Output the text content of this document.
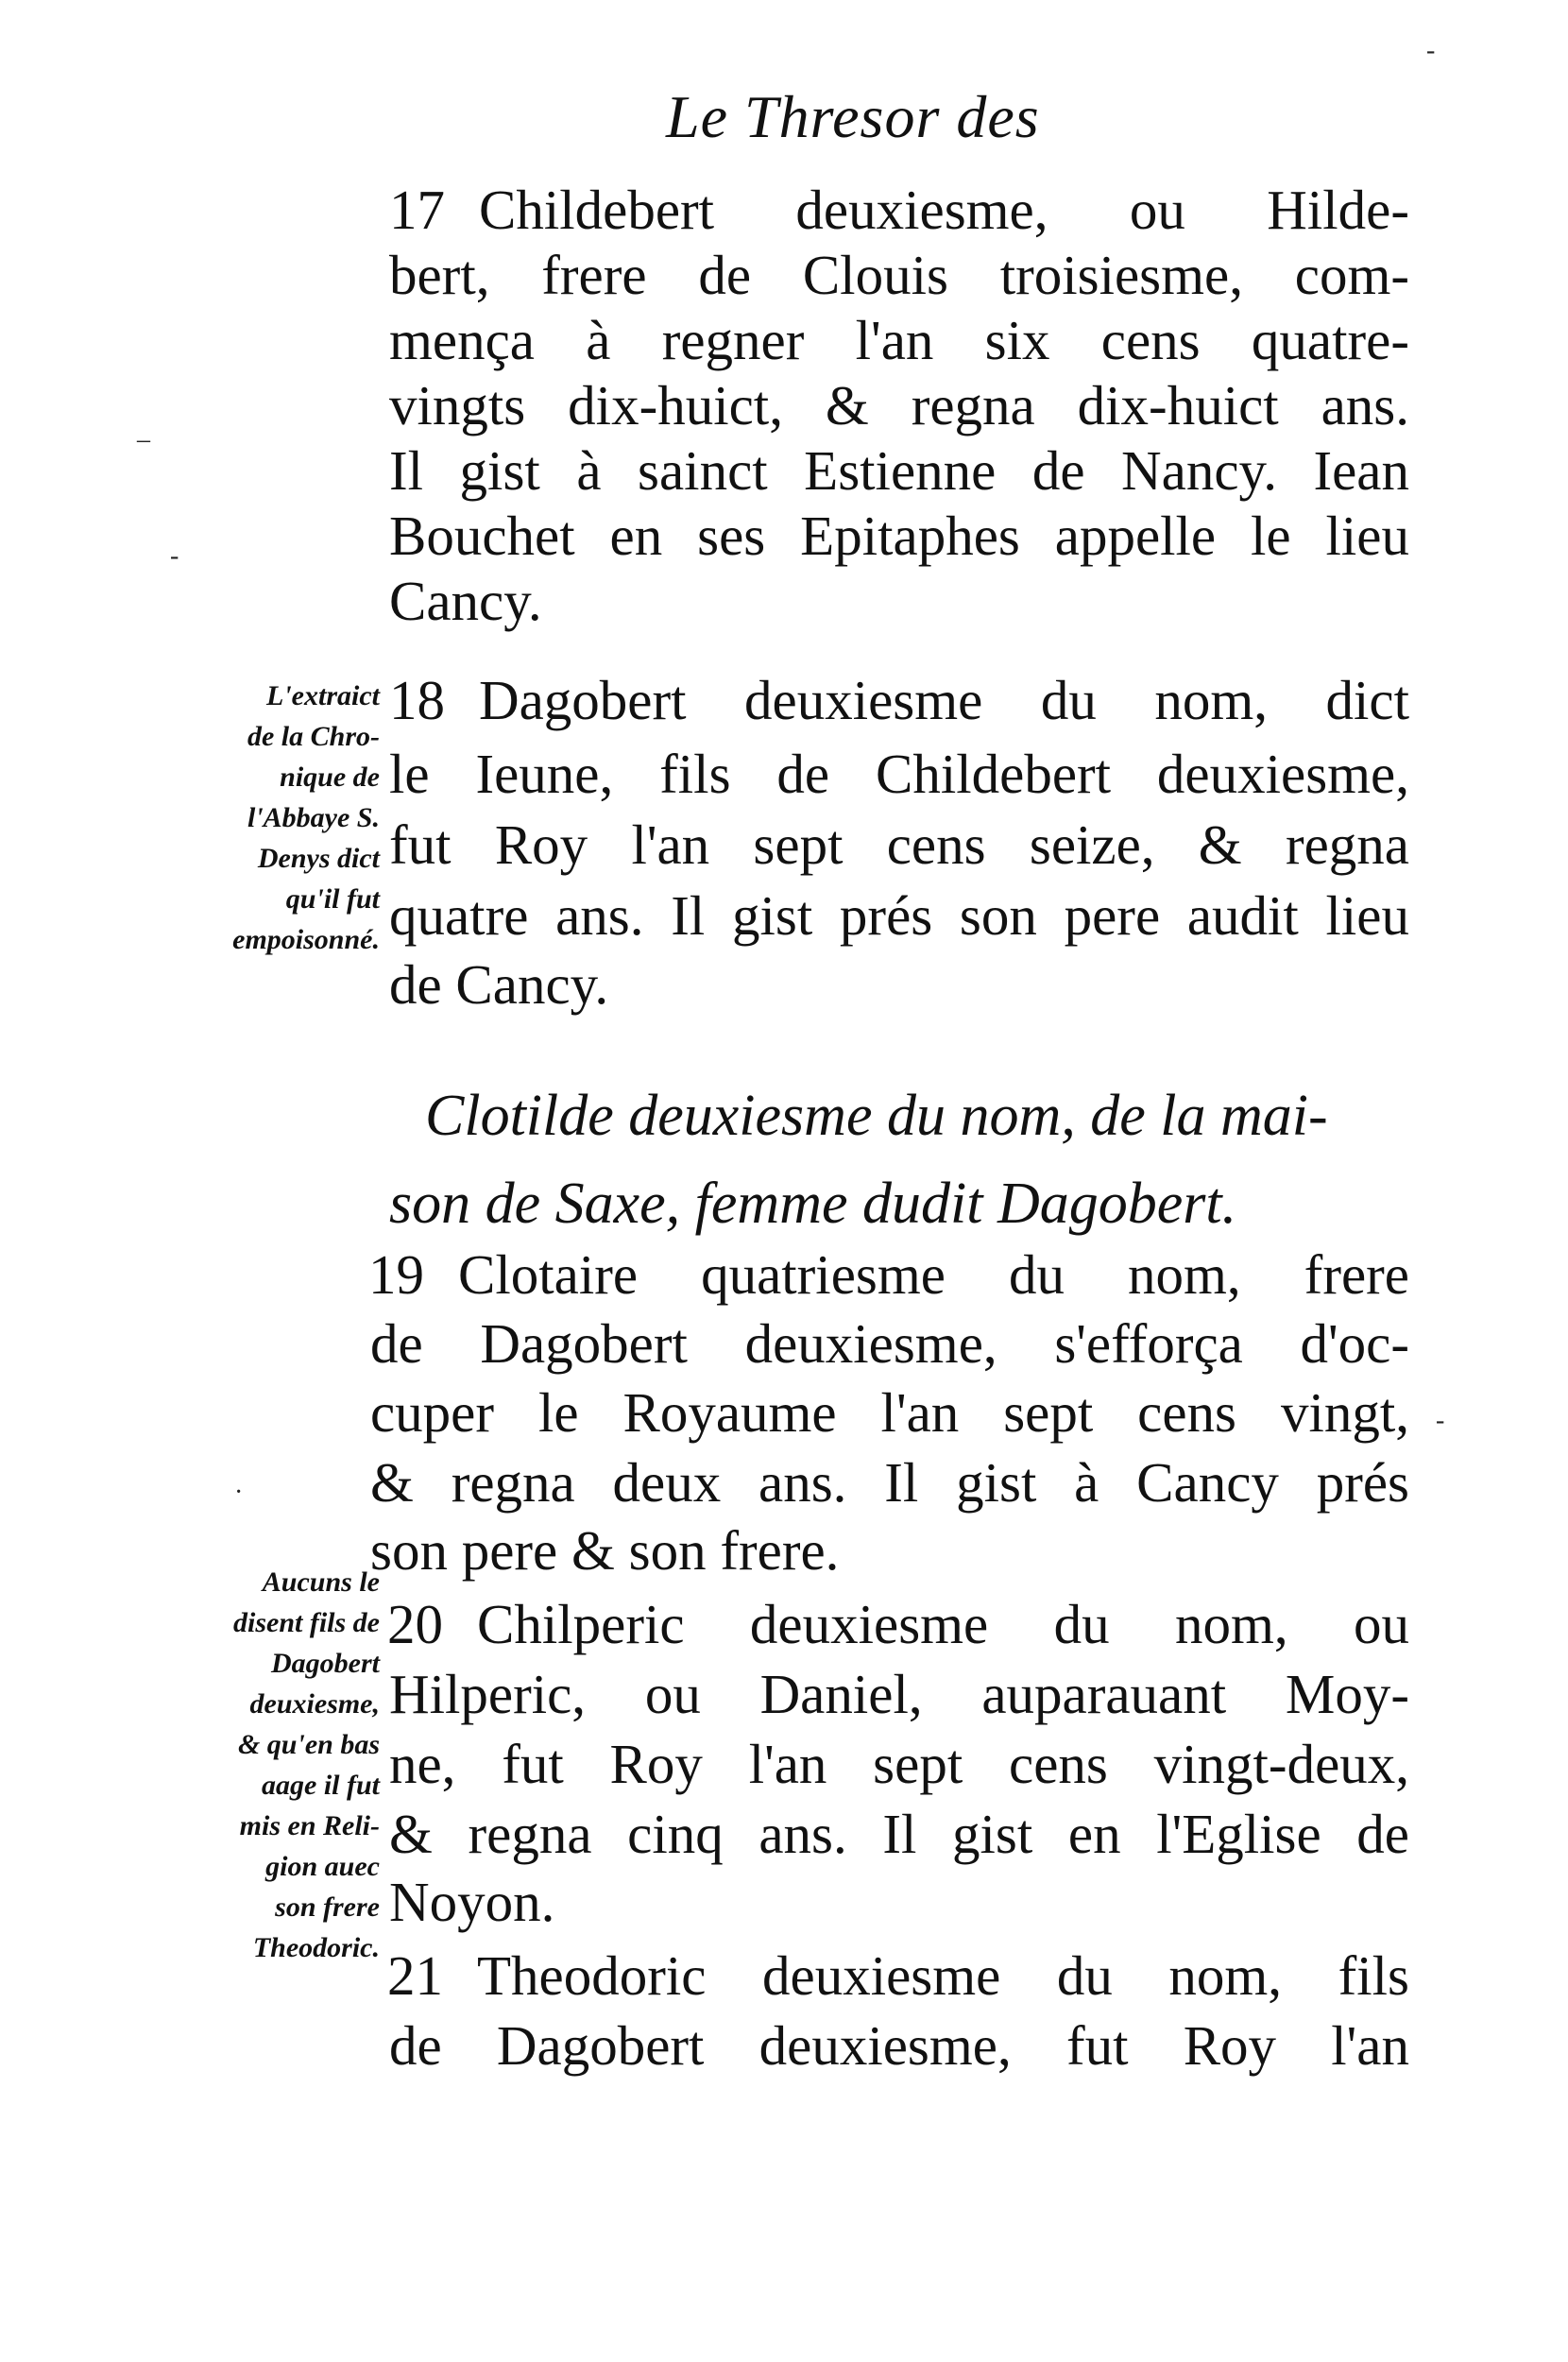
Le Thresor des
17 Childebert deuxiesme, ou Hilde-
bert, frere de Clouis troisiesme, com-
mença à regner l'an six cens quatre-
vingts dix-huict, & regna dix-huict ans.
Il gist à sainct Estienne de Nancy. Iean
Bouchet en ses Epitaphes appelle le lieu
Cancy.
18 Dagobert deuxiesme du nom, dict
le Ieune, fils de Childebert deuxiesme,
fut Roy l'an sept cens seize, & regna
quatre ans. Il gist prés son pere audit lieu
de Cancy.
Clotilde deuxiesme du nom, de la mai-
son de Saxe, femme dudit Dagobert.
19 Clotaire quatriesme du nom, frere
de Dagobert deuxiesme, s'efforça d'oc-
cuper le Royaume l'an sept cens vingt,
& regna deux ans. Il gist à Cancy prés
son pere & son frere.
20 Chilperic deuxiesme du nom, ou
Hilperic, ou Daniel, auparauant Moy-
ne, fut Roy l'an sept cens vingt-deux,
& regna cinq ans. Il gist en l'Eglise de
Noyon.
21 Theodoric deuxiesme du nom, fils
de Dagobert deuxiesme, fut Roy l'an
L'extraict
de la Chro-
nique de
l'Abbaye S.
Denys dict
qu'il fut
empoisonné.
Aucuns le
disent fils de
Dagobert
deuxiesme,
& qu'en bas
aage il fut
mis en Reli-
gion auec
son frere
Theodoric.
–
-
-
·
-
